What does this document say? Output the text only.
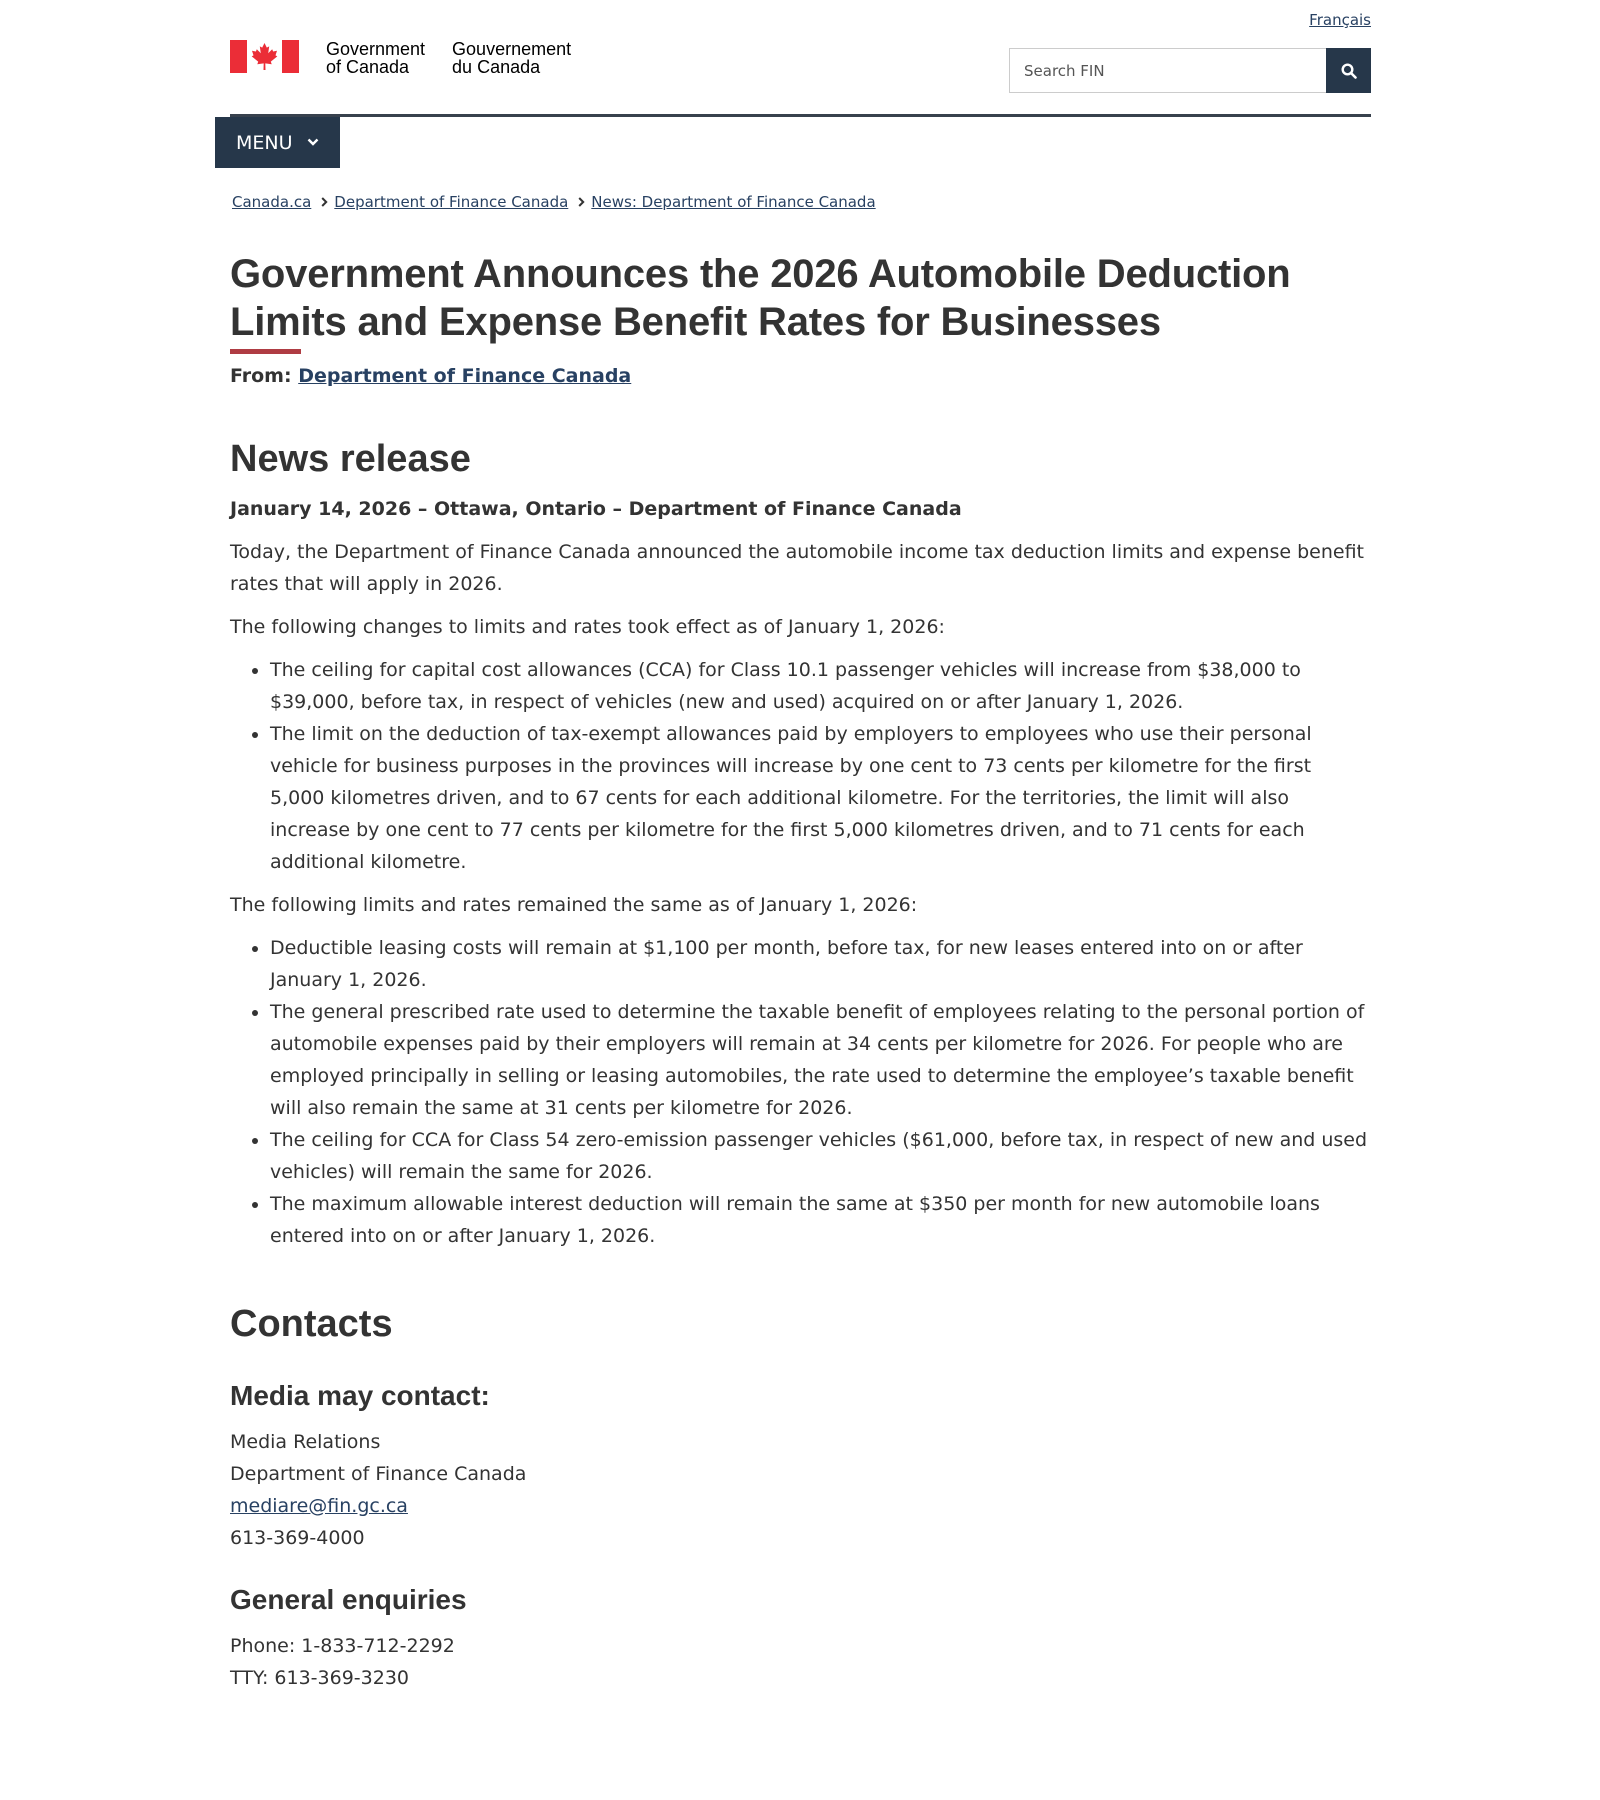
Français
Government
of Canada
Gouvernement
du Canada
Search FIN
MENU
Canada.ca Department of Finance Canada News: Department of Finance Canada
Government Announces the 2026 Automobile Deduction Limits and Expense Benefit Rates for Businesses
From: Department of Finance Canada
News release

January 14, 2026 – Ottawa, Ontario – Department of Finance Canada

Today, the Department of Finance Canada announced the automobile income tax deduction limits and expense benefit rates that will apply in 2026.

The following changes to limits and rates took effect as of January 1, 2026:

• The ceiling for capital cost allowances (CCA) for Class 10.1 passenger vehicles will increase from $38,000 to $39,000, before tax, in respect of vehicles (new and used) acquired on or after January 1, 2026.
• The limit on the deduction of tax-exempt allowances paid by employers to employees who use their personal vehicle for business purposes in the provinces will increase by one cent to 73 cents per kilometre for the first 5,000 kilometres driven, and to 67 cents for each additional kilometre. For the territories, the limit will also increase by one cent to 77 cents per kilometre for the first 5,000 kilometres driven, and to 71 cents for each additional kilometre.

The following limits and rates remained the same as of January 1, 2026:

• Deductible leasing costs will remain at $1,100 per month, before tax, for new leases entered into on or after January 1, 2026.
• The general prescribed rate used to determine the taxable benefit of employees relating to the personal portion of automobile expenses paid by their employers will remain at 34 cents per kilometre for 2026. For people who are employed principally in selling or leasing automobiles, the rate used to determine the employee’s taxable benefit will also remain the same at 31 cents per kilometre for 2026.
• The ceiling for CCA for Class 54 zero-emission passenger vehicles ($61,000, before tax, in respect of new and used vehicles) will remain the same for 2026.
• The maximum allowable interest deduction will remain the same at $350 per month for new automobile loans entered into on or after January 1, 2026.
Contacts
Media may contact:

Media Relations

Department of Finance Canada

mediare@fin.gc.ca

613-369-4000

General enquiries

Phone: 1-833-712-2292

TTY: 613-369-3230
